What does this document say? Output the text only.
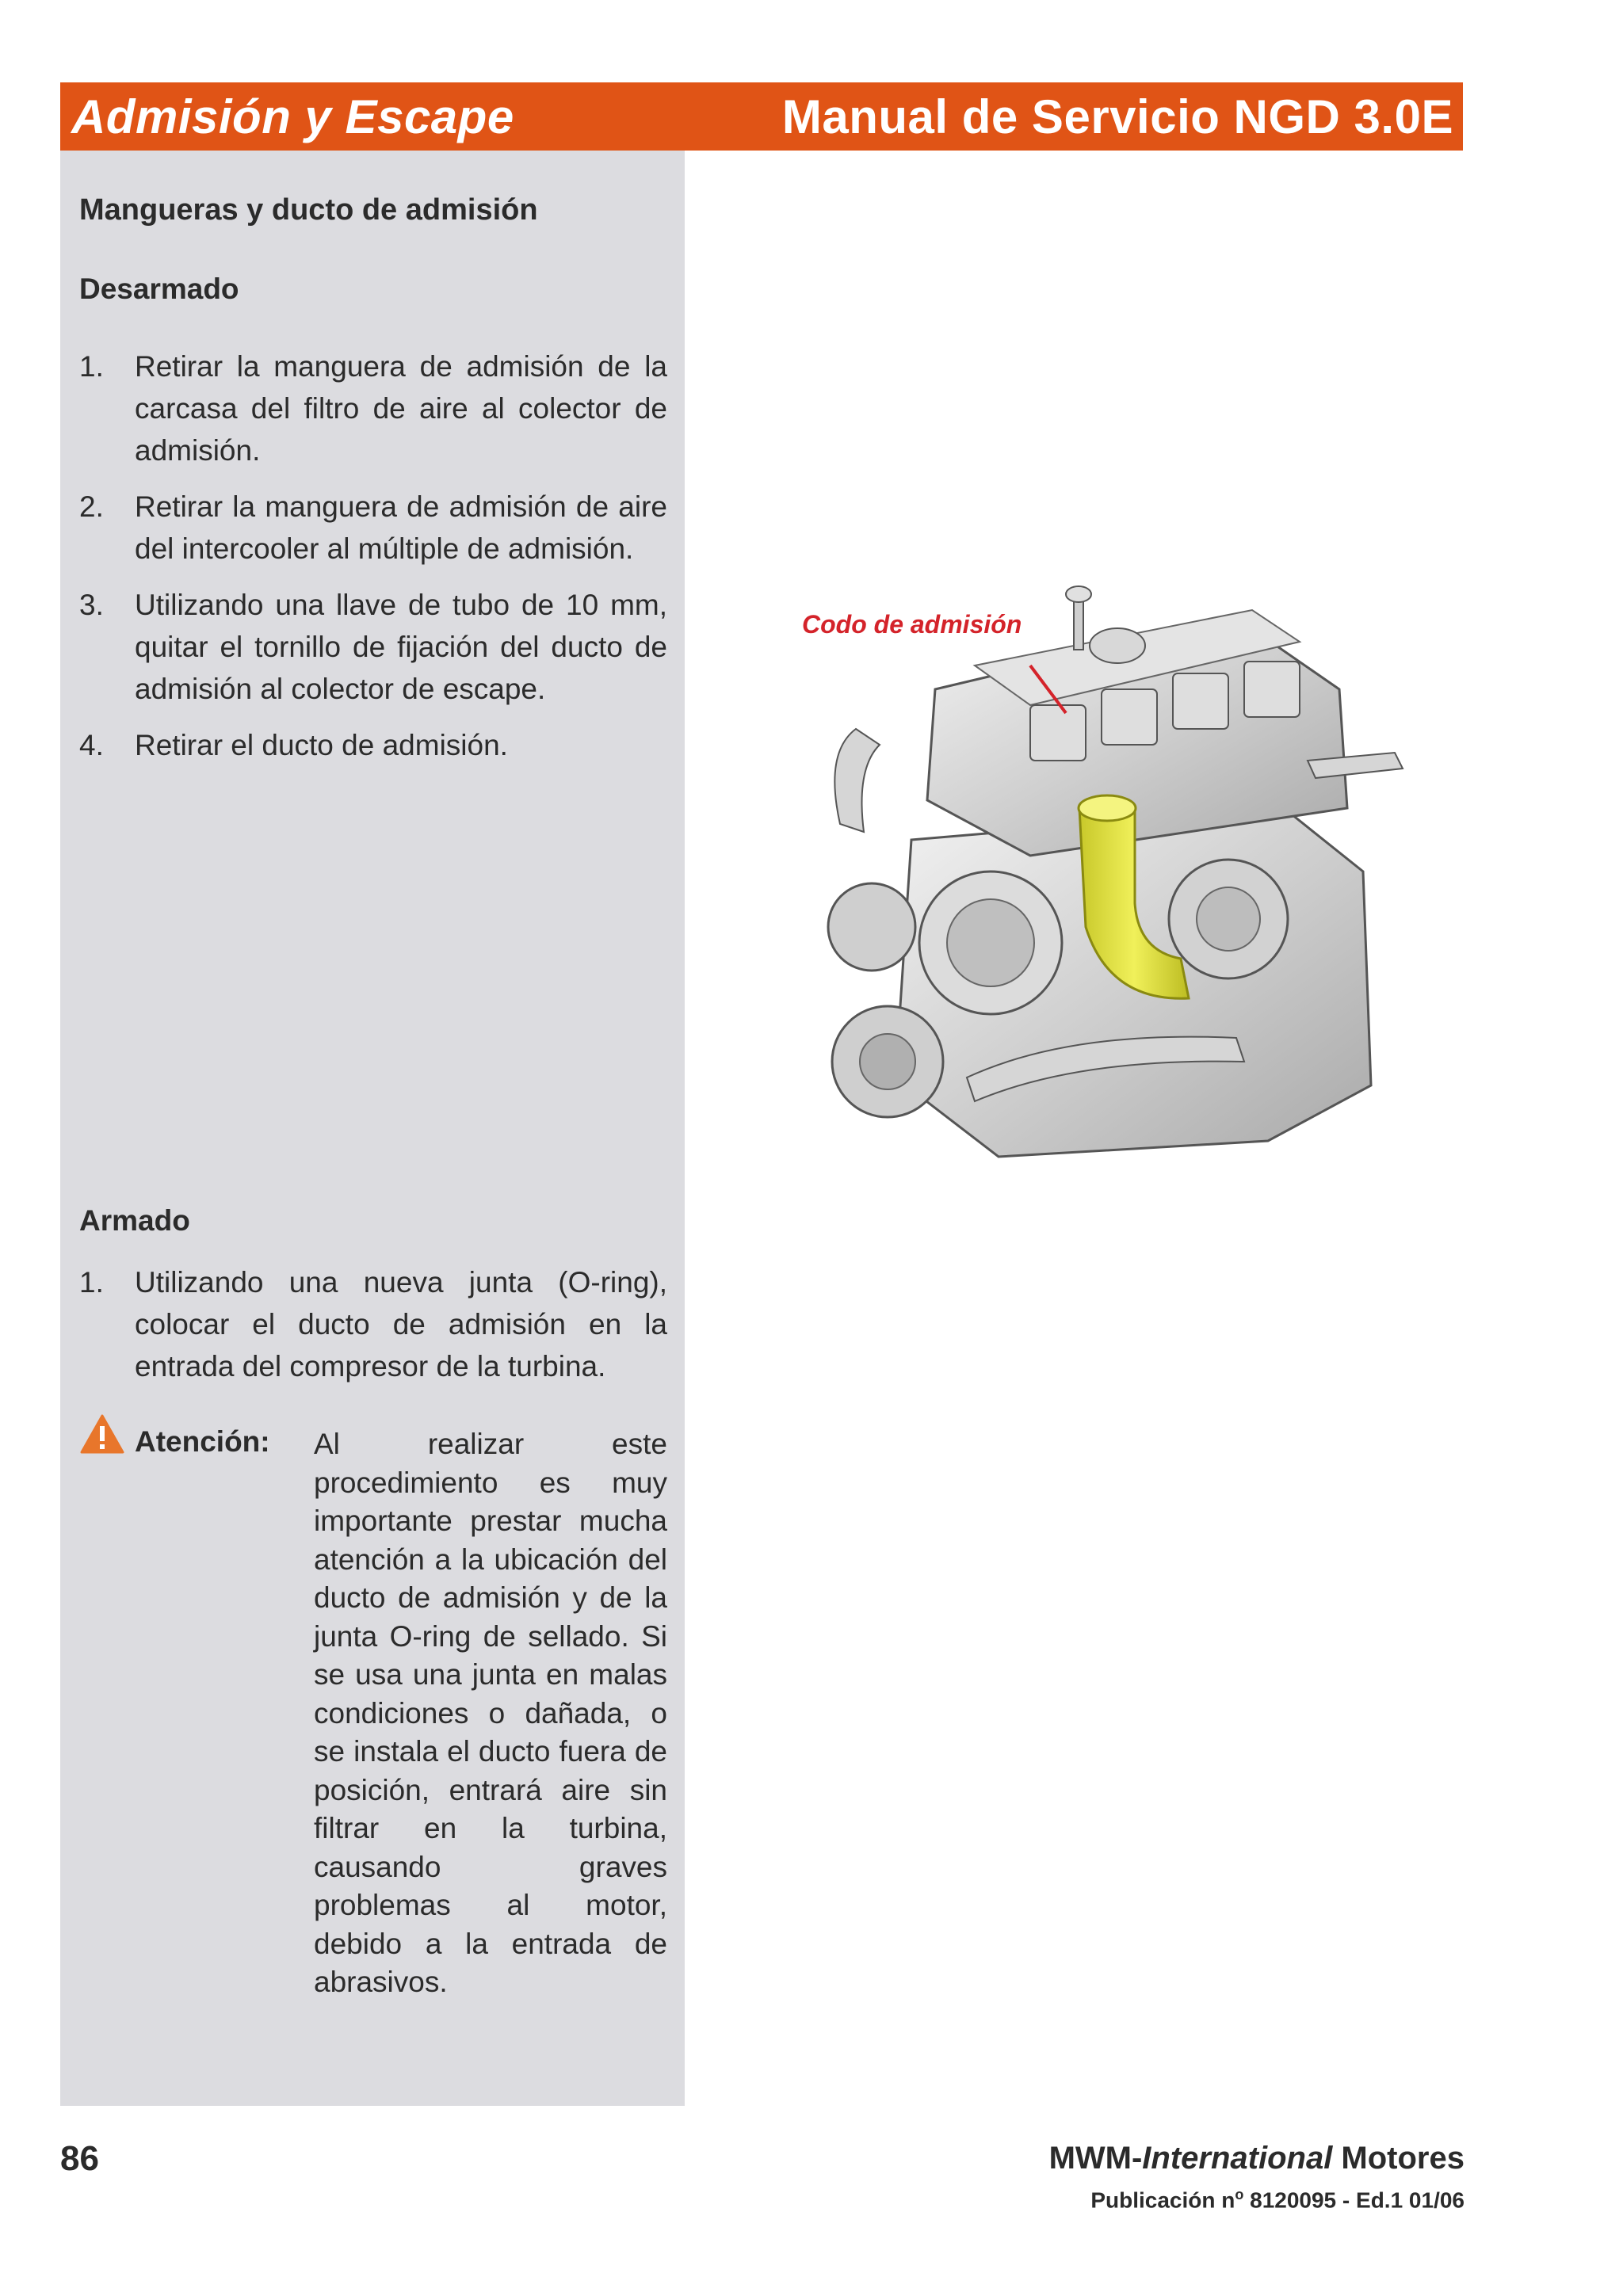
Admisión y Escape	Manual de Servicio NGD 3.0E
Mangueras y ducto de admisión
Desarmado
1. Retirar la manguera de admisión de la carcasa del filtro de aire al colector de admisión.
2. Retirar la manguera de admisión de aire del intercooler al múltiple de admisión.
3. Utilizando una llave de tubo de 10 mm, quitar el tornillo de fijación del ducto de admisión al colector de escape.
4. Retirar el ducto de admisión.
Armado
1. Utilizando una nueva junta (O-ring), colocar el ducto de admisión en la entrada del compresor de la turbina.
Atención: Al realizar este procedimiento es muy importante prestar mucha atención a la ubicación del ducto de admisión y de la junta O-ring de sellado. Si se usa una junta en malas condiciones o dañada, o se instala el ducto fuera de posición, entrará aire sin filtrar en la turbina, causando graves problemas al motor, debido a la entrada de abrasivos.
Codo de admisión
86	MWM-International Motores
Publicación $n^o$ 8120095 - Ed.1 01/06
